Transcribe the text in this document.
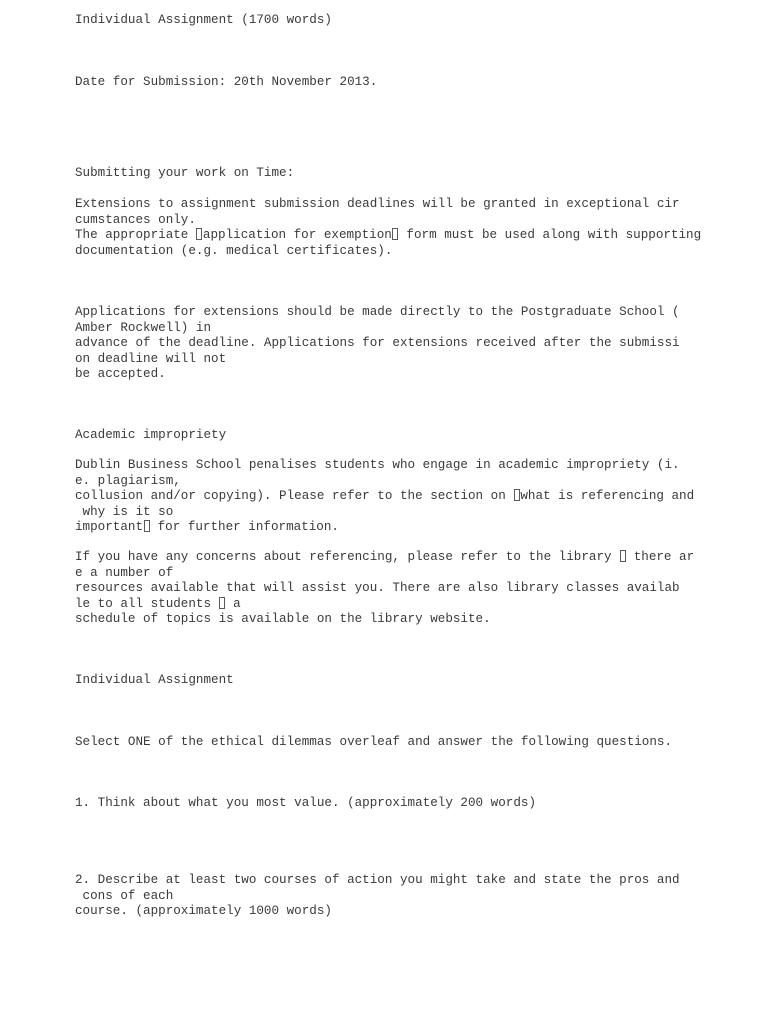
Individual Assignment (1700 words)
Date for Submission: 20th November 2013.
Submitting your work on Time:
Extensions to assignment submission deadlines will be granted in exceptional cir
cumstances only.
The appropriate application for exemption form must be used along with supporting
documentation (e.g. medical certificates).
Applications for extensions should be made directly to the Postgraduate School (
Amber Rockwell) in
advance of the deadline. Applications for extensions received after the submissi
on deadline will not
be accepted.
Academic impropriety
Dublin Business School penalises students who engage in academic impropriety (i.
e. plagiarism,
collusion and/or copying). Please refer to the section on what is referencing and
why is it so
important for further information.
If you have any concerns about referencing, please refer to the library  there ar
e a number of
resources available that will assist you. There are also library classes availab
le to all students  a
schedule of topics is available on the library website.
Individual Assignment
Select ONE of the ethical dilemmas overleaf and answer the following questions.
1. Think about what you most value. (approximately 200 words)
2. Describe at least two courses of action you might take and state the pros and
cons of each
course. (approximately 1000 words)
